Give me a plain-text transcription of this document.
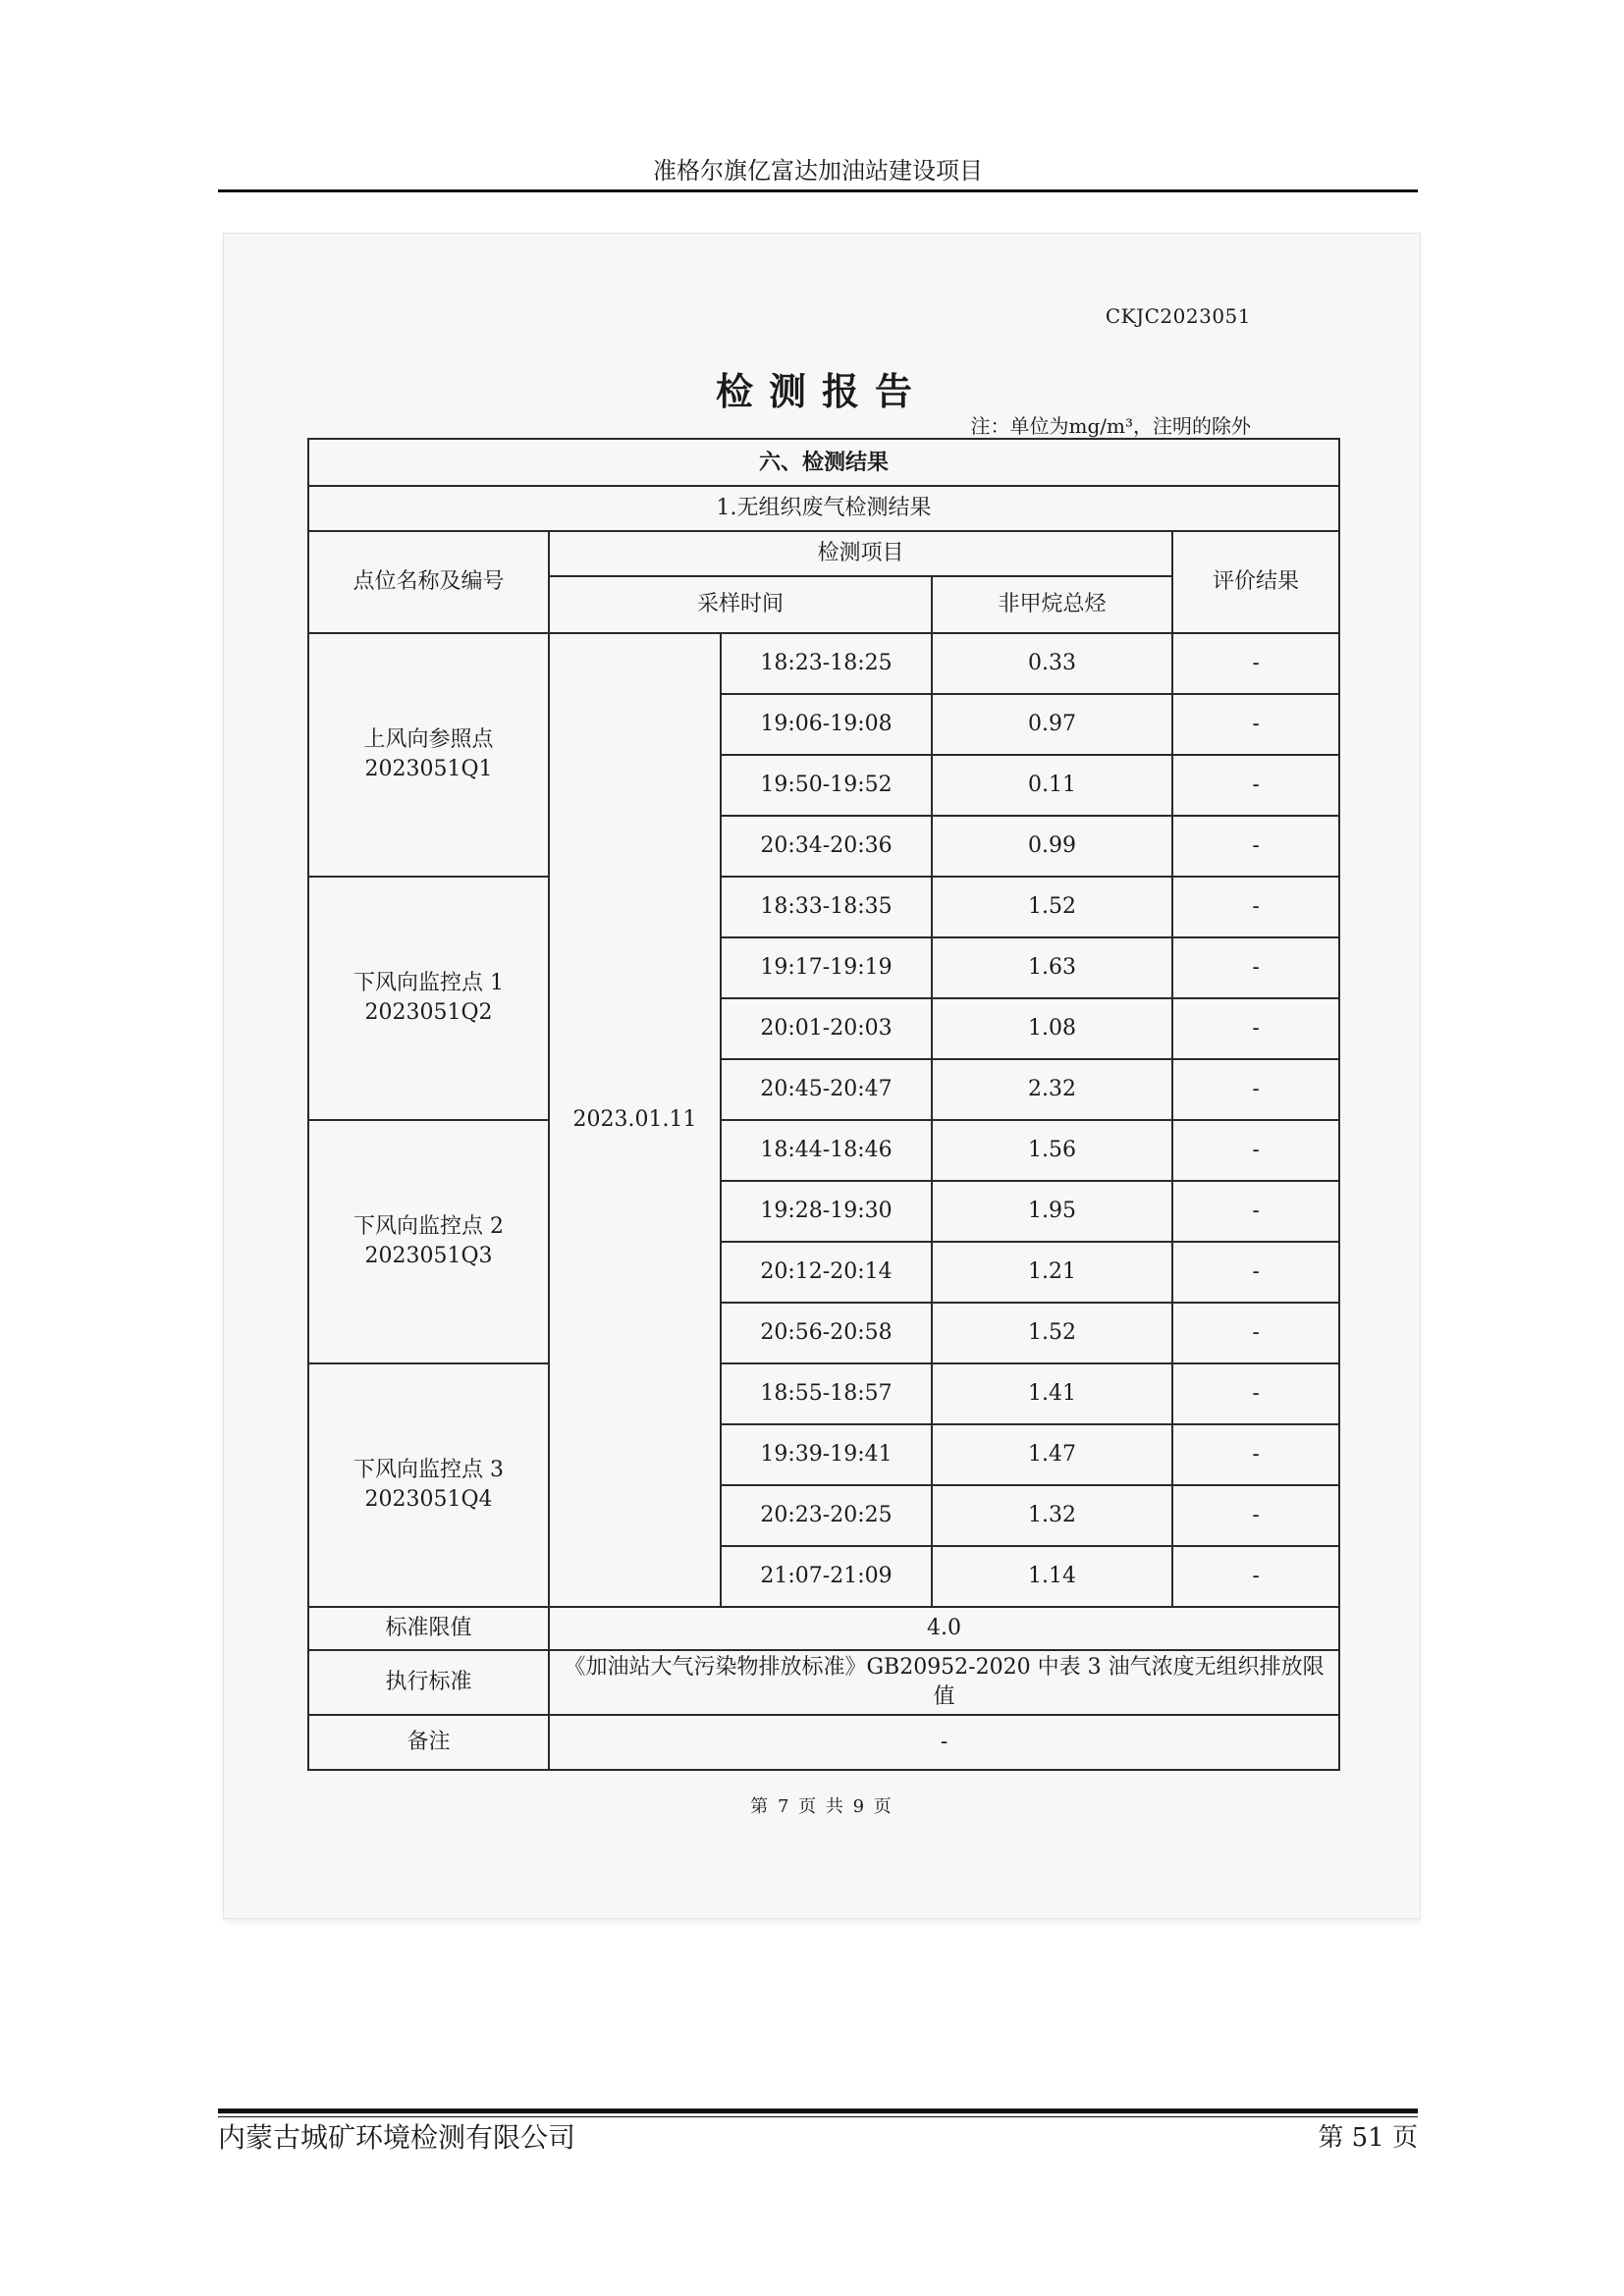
准格尔旗亿富达加油站建设项目
CKJC2023051
检测报告
注：单位为mg/m³，注明的除外
六、检测结果				
1.无组织废气检测结果				
点位名称及编号	检测项目			评价结果
	采样时间		非甲烷总烃	

上风向参照点
2023051Q1	2023.01.11	18:23-18:25	0.33	-
		19:06-19:08	0.97	-
		19:50-19:52	0.11	-
		20:34-20:36	0.99	-

下风向监控点 1
2023051Q2		18:33-18:35	1.52	-
		19:17-19:19	1.63	-
		20:01-20:03	1.08	-
		20:45-20:47	2.32	-

下风向监控点 2
2023051Q3		18:44-18:46	1.56	-
		19:28-19:30	1.95	-
		20:12-20:14	1.21	-
		20:56-20:58	1.52	-

下风向监控点 3
2023051Q4		18:55-18:57	1.41	-
		19:39-19:41	1.47	-
		20:23-20:25	1.32	-
		21:07-21:09	1.14	-
标准限值	4.0			
执行标准	《加油站大气污染物排放标准》GB20952-2020 中表 3 油气浓度无组织排放限值			
备注	-			
第 7 页 共 9 页
内蒙古城矿环境检测有限公司	第 51 页
